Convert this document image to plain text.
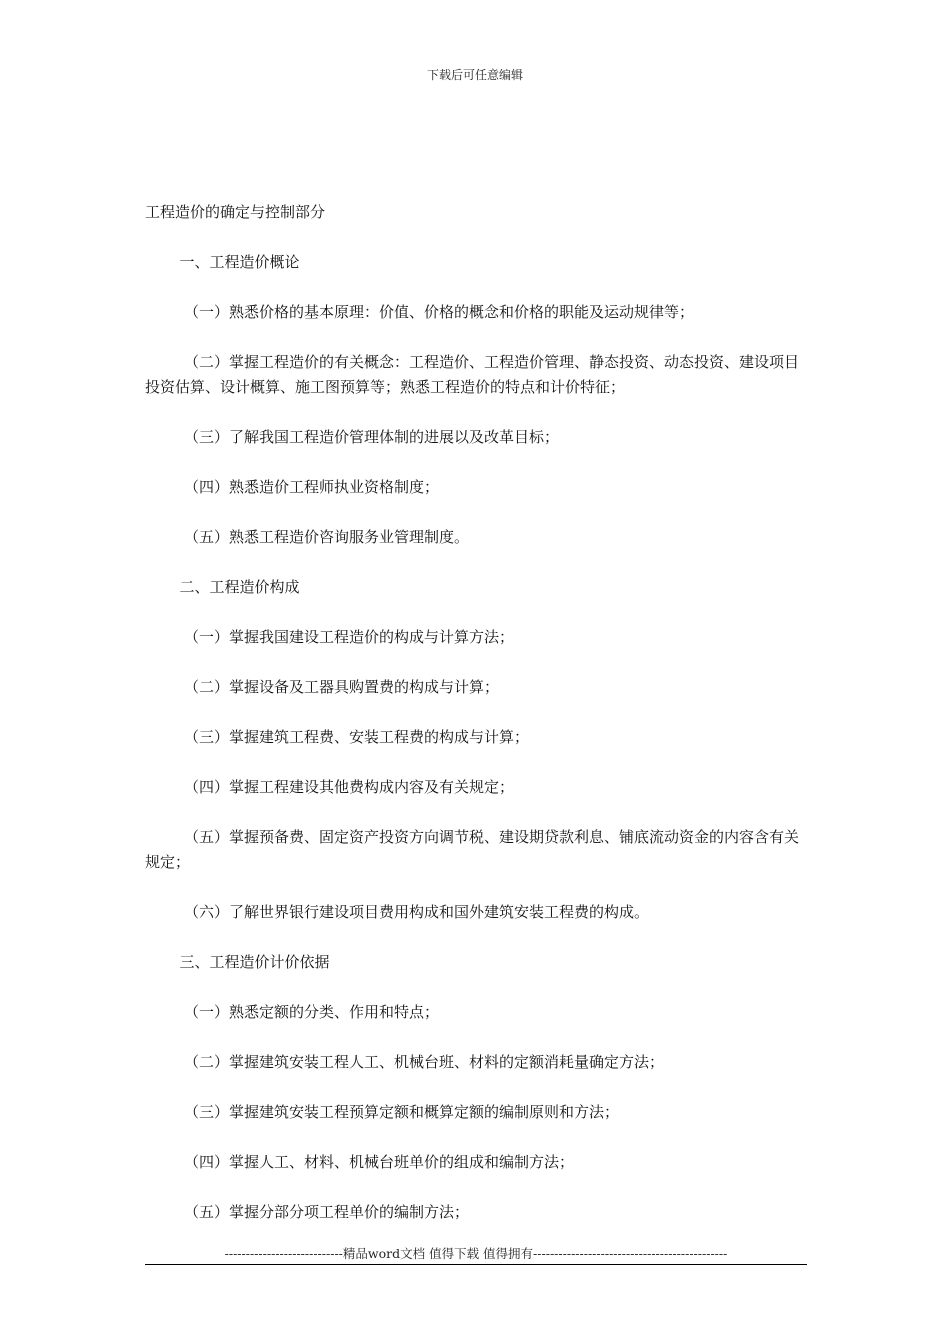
下载后可任意编辑
工程造价的确定与控制部分
一、工程造价概论
（一）熟悉价格的基本原理：价值、价格的概念和价格的职能及运动规律等；
（二）掌握工程造价的有关概念：工程造价、工程造价管理、静态投资、动态投资、建设项目投资估算、设计概算、施工图预算等；熟悉工程造价的特点和计价特征；
（三）了解我国工程造价管理体制的进展以及改革目标；
（四）熟悉造价工程师执业资格制度；
（五）熟悉工程造价咨询服务业管理制度。
二、工程造价构成
（一）掌握我国建设工程造价的构成与计算方法；
（二）掌握设备及工器具购置费的构成与计算；
（三）掌握建筑工程费、安装工程费的构成与计算；
（四）掌握工程建设其他费构成内容及有关规定；
（五）掌握预备费、固定资产投资方向调节税、建设期贷款利息、铺底流动资金的内容含有关规定；
（六）了解世界银行建设项目费用构成和国外建筑安装工程费的构成。
三、工程造价计价依据
（一）熟悉定额的分类、作用和特点；
（二）掌握建筑安装工程人工、机械台班、材料的定额消耗量确定方法；
（三）掌握建筑安装工程预算定额和概算定额的编制原则和方法；
（四）掌握人工、材料、机械台班单价的组成和编制方法；
（五）掌握分部分项工程单价的编制方法；
----------------------------精品word文档 值得下载 值得拥有----------------------------------------------
